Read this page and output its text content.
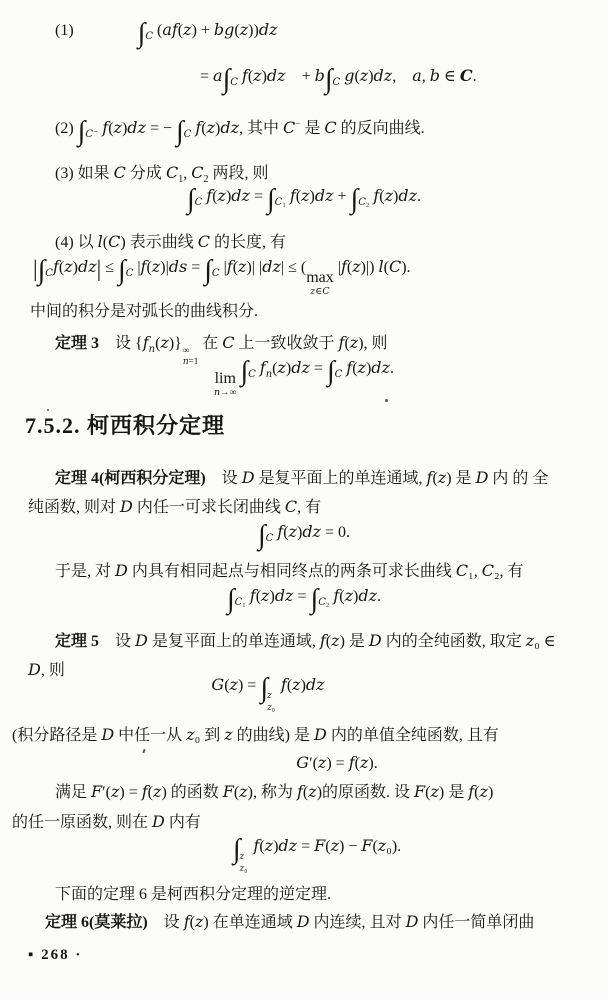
(1)　　　　$\int_C$ (af(z) + bg(z))dz
= $a\int_C$ f(z)dz　+ $b\int_C$ g(z)dz,　a, b ∈ C.
(2) $\int_{C^-}$ f(z)dz = − $\int_C$ f(z)dz, 其中 C− 是 C 的反向曲线.
(3) 如果 C 分成 $C_1$, $C_2$ 两段, 则
$\int_C$ $f(z)dz = \int_{C_1}$ $f(z)dz + \int_{C_2}$ f(z)dz.
(4) 以 l(C) 表示曲线 C 的长度, 有
$|\int_Cf(z)dz| \le \int_C$ $|f(z)|ds = \int_C$ |f(z)| |dz| ≤ (
max
z∈C
|f(z)|) l(C).
中间的积分是对弧长的曲线积分.
定理 3　设 $\{f_n(z)\}$ ∞
n=1
在 C 上一致收敛于 f(z), 则
lim
n→∞
$\int_C$ $f_n(z)dz = \int_C$ f(z)dz.
7.5.2. 柯西积分定理
定理 4(柯西积分定理)　设 D 是复平面上的单连通域, f(z) 是 D 内 的 全
纯函数, 则对 D 内任一可求长闭曲线 C, 有
$\int_C$ f(z)dz = 0.
于是, 对 D 内具有相同起点与相同终点的两条可求长曲线 C₁, C₂, 有
$\int_{C_1}$ $f(z)dz = \int_{C_2}$ f(z)dz.
定理 5　设 D 是复平面上的单连通域, f(z) 是 D 内的全纯函数, 取定 z₀ ∈
D, 则
G(z) = ∫ z
z₀
f(z)dz
(积分路径是 D 中任一从 z₀ 到 z 的曲线) 是 D 内的单值全纯函数, 且有
G′(z) = f(z).
满足 F′(z) = f(z) 的函数 F(z), 称为 f(z)的原函数. 设 F(z) 是 f(z)
的任一原函数, 则在 D 内有
∫ z
z₀
f(z)dz = F(z) − F(z₀).
下面的定理 6 是柯西积分定理的逆定理.
定理 6(莫莱拉)　设 f(z) 在单连通域 D 内连续, 且对 D 内任一简单闭曲
▪ 268 ·
